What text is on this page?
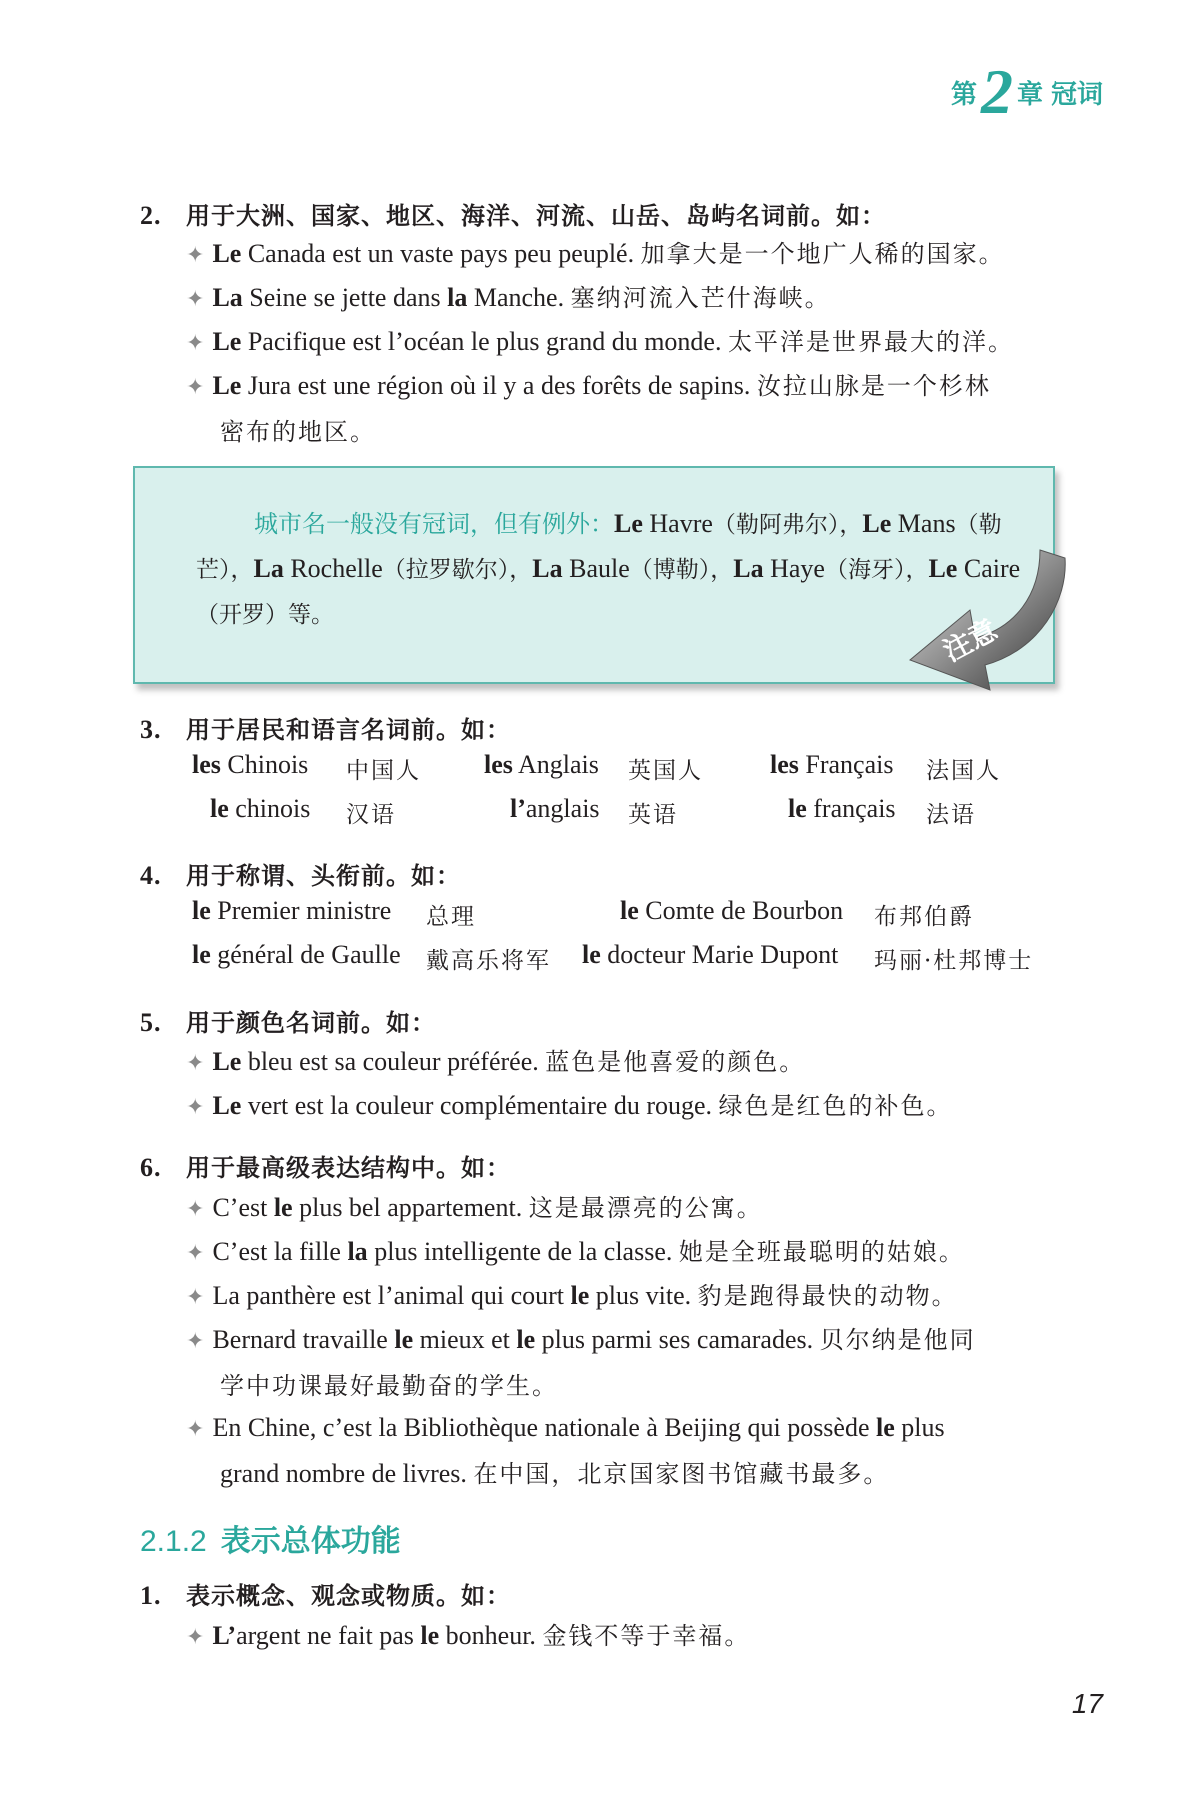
第 2 章 冠词
2. 用于大洲、国家、地区、海洋、河流、山岳、岛屿名词前。如：
✦ Le Canada est un vaste pays peu peuplé. 加拿大是一个地广人稀的国家。
✦ La Seine se jette dans la Manche. 塞纳河流入芒什海峡。
✦ Le Pacifique est l’océan le plus grand du monde. 太平洋是世界最大的洋。
✦ Le Jura est une région où il y a des forêts de sapins. 汝拉山脉是一个杉林
密布的地区。
城市名一般没有冠词，但有例外：Le Havre（勒阿弗尔），Le Mans（勒芒），La Rochelle（拉罗歇尔），La Baule（博勒），La Haye（海牙），Le Caire（开罗）等。	注意
3. 用于居民和语言名词前。如：
les Chinois 中国人 les Anglais 英国人	les Français 法国人
le chinois 汉语	l’anglais 英语	le français 法语
4. 用于称谓、头衔前。如：
le Premier ministre 总理	le Comte de Bourbon 布邦伯爵
le général de Gaulle 戴高乐将军 le docteur Marie Dupont 玛丽·杜邦博士
5. 用于颜色名词前。如：
✦ Le bleu est sa couleur préférée. 蓝色是他喜爱的颜色。
✦ Le vert est la couleur complémentaire du rouge. 绿色是红色的补色。
6. 用于最高级表达结构中。如：
✦ C’est le plus bel appartement. 这是最漂亮的公寓。
✦ C’est la fille la plus intelligente de la classe. 她是全班最聪明的姑娘。
✦ La panthère est l’animal qui court le plus vite. 豹是跑得最快的动物。
✦ Bernard travaille le mieux et le plus parmi ses camarades. 贝尔纳是他同
学中功课最好最勤奋的学生。
✦ En Chine, c’est la Bibliothèque nationale à Beijing qui possède le plus
grand nombre de livres. 在中国，北京国家图书馆藏书最多。
2.1.2 表示总体功能
1. 表示概念、观念或物质。如：
✦ L’argent ne fait pas le bonheur. 金钱不等于幸福。
17
